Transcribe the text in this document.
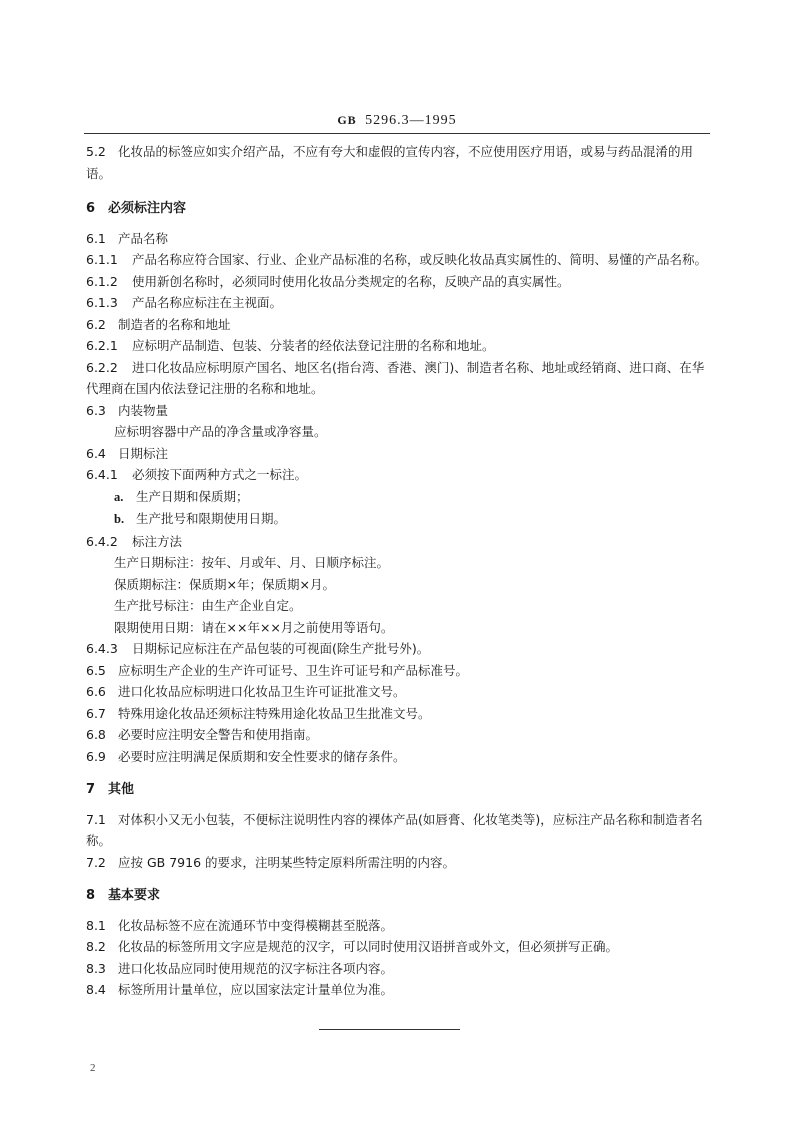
GB 5296.3—1995

5.2 化妆品的标签应如实介绍产品，不应有夸大和虚假的宣传内容，不应使用医疗用语，或易与药品混淆的用语。

6 必须标注内容

6.1 产品名称

6.1.1 产品名称应符合国家、行业、企业产品标准的名称，或反映化妆品真实属性的、简明、易懂的产品名称。

6.1.2 使用新创名称时，必须同时使用化妆品分类规定的名称，反映产品的真实属性。

6.1.3 产品名称应标注在主视面。

6.2 制造者的名称和地址

6.2.1 应标明产品制造、包装、分装者的经依法登记注册的名称和地址。

6.2.2 进口化妆品应标明原产国名、地区名(指台湾、香港、澳门)、制造者名称、地址或经销商、进口商、在华代理商在国内依法登记注册的名称和地址。

6.3 内装物量

应标明容器中产品的净含量或净容量。

6.4 日期标注

6.4.1 必须按下面两种方式之一标注。

a. 生产日期和保质期；

b. 生产批号和限期使用日期。

6.4.2 标注方法

生产日期标注：按年、月或年、月、日顺序标注。

保质期标注：保质期×年；保质期×月。

生产批号标注：由生产企业自定。

限期使用日期：请在××年××月之前使用等语句。

6.4.3 日期标记应标注在产品包装的可视面(除生产批号外)。

6.5 应标明生产企业的生产许可证号、卫生许可证号和产品标准号。

6.6 进口化妆品应标明进口化妆品卫生许可证批准文号。

6.7 特殊用途化妆品还须标注特殊用途化妆品卫生批准文号。

6.8 必要时应注明安全警告和使用指南。

6.9 必要时应注明满足保质期和安全性要求的储存条件。

7 其他

7.1 对体积小又无小包装，不便标注说明性内容的裸体产品(如唇膏、化妆笔类等)，应标注产品名称和制造者名称。

7.2 应按 GB 7916 的要求，注明某些特定原料所需注明的内容。

8 基本要求

8.1 化妆品标签不应在流通环节中变得模糊甚至脱落。

8.2 化妆品的标签所用文字应是规范的汉字，可以同时使用汉语拼音或外文，但必须拼写正确。

8.3 进口化妆品应同时使用规范的汉字标注各项内容。

8.4 标签所用计量单位，应以国家法定计量单位为准。

2
